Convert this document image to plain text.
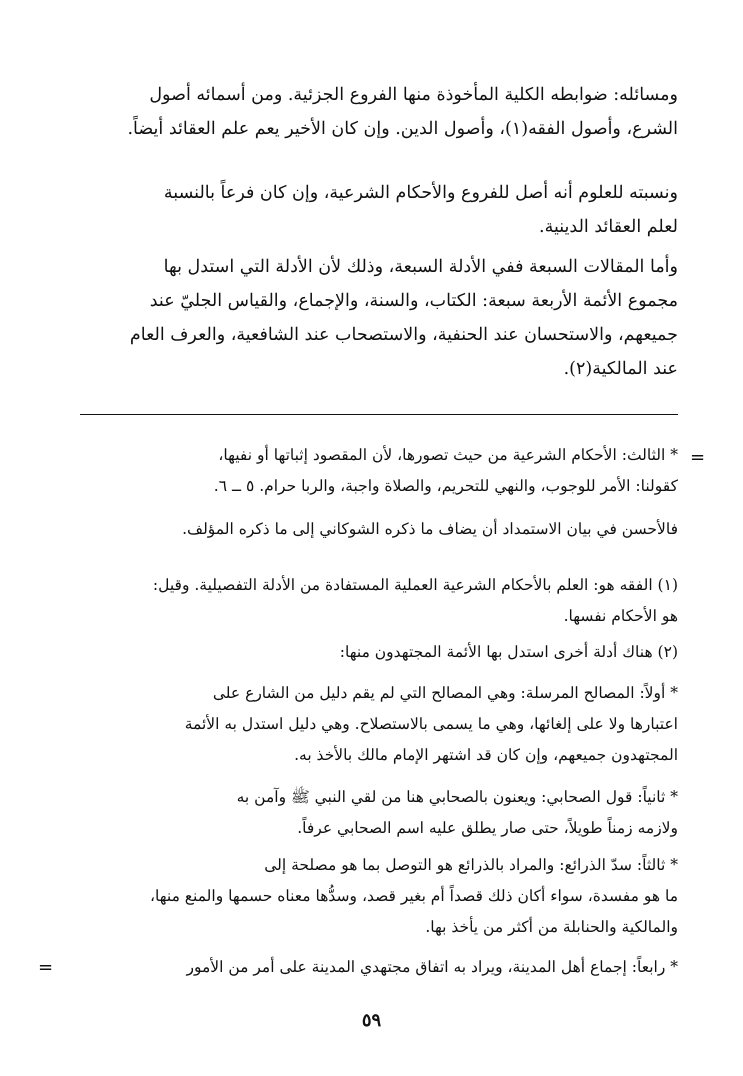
ومسائله: ضوابطه الكلية المأخوذة منها الفروع الجزئية. ومن أسمائه أصول
الشرع، وأصول الفقه(١)، وأصول الدين. وإن كان الأخير يعم علم العقائد أيضاً.
ونسبته للعلوم أنه أصل للفروع والأحكام الشرعية، وإن كان فرعاً بالنسبة
لعلم العقائد الدينية.
وأما المقالات السبعة ففي الأدلة السبعة، وذلك لأن الأدلة التي استدل بها
مجموع الأئمة الأربعة سبعة: الكتاب، والسنة، والإجماع، والقياس الجليّ عند
جميعهم، والاستحسان عند الحنفية، والاستصحاب عند الشافعية، والعرف العام
عند المالكية(٢).
=
* الثالث: الأحكام الشرعية من حيث تصورها، لأن المقصود إثباتها أو نفيها،
كقولنا: الأمر للوجوب، والنهي للتحريم، والصلاة واجبة، والربا حرام. ٥ ــ ٦.
فالأحسن في بيان الاستمداد أن يضاف ما ذكره الشوكاني إلى ما ذكره المؤلف.
(١) الفقه هو: العلم بالأحكام الشرعية العملية المستفادة من الأدلة التفصيلية. وقيل:
هو الأحكام نفسها.
(٢) هناك أدلة أخرى استدل بها الأئمة المجتهدون منها:
* أولاً: المصالح المرسلة: وهي المصالح التي لم يقم دليل من الشارع على
اعتبارها ولا على إلغائها، وهي ما يسمى بالاستصلاح. وهي دليل استدل به الأئمة
المجتهدون جميعهم، وإن كان قد اشتهر الإمام مالك بالأخذ به.
* ثانياً: قول الصحابي: ويعنون بالصحابي هنا من لقي النبي ﷺ وآمن به
ولازمه زمناً طويلاً، حتى صار يطلق عليه اسم الصحابي عرفاً.
* ثالثاً: سدّ الذرائع: والمراد بالذرائع هو التوصل بما هو مصلحة إلى
ما هو مفسدة، سواء أكان ذلك قصداً أم بغير قصد، وسدُّها معناه حسمها والمنع منها،
والمالكية والحنابلة من أكثر من يأخذ بها.
* رابعاً: إجماع أهل المدينة، ويراد به اتفاق مجتهدي المدينة على أمر من الأمور
=
٥٩
